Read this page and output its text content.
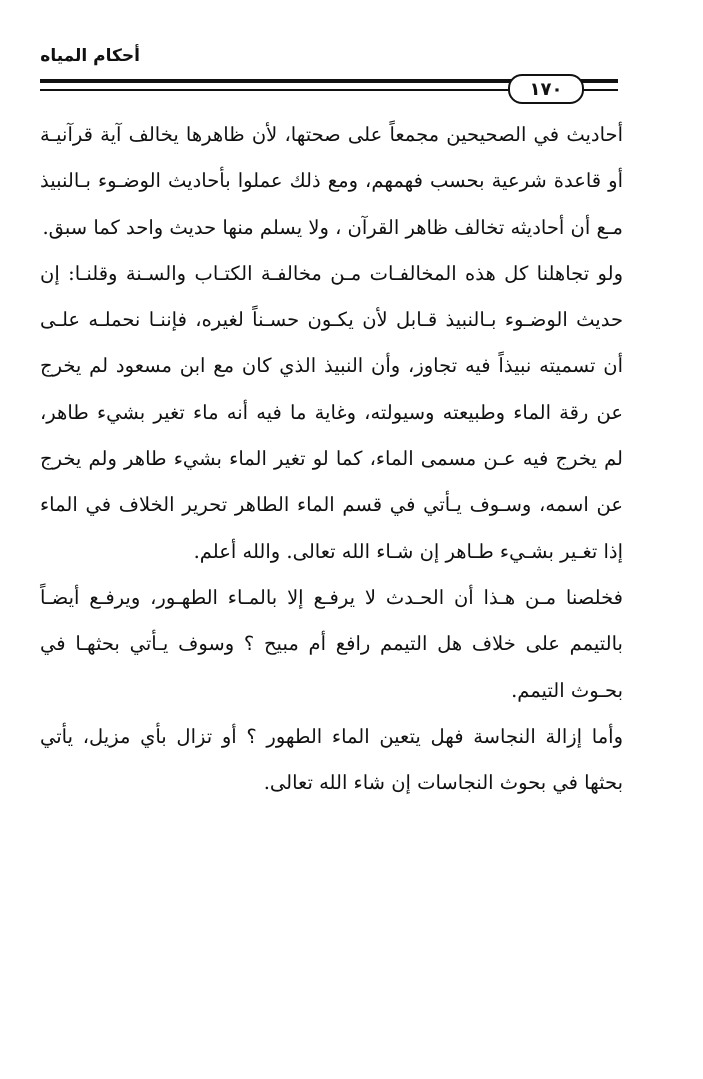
أحكام المياه
١٧٠

أحاديث في الصحيحين مجمعاً على صحتها، لأن ظاهرها يخالف آية قرآنيـة أو قاعدة شرعية بحسب فهمهم، ومع ذلك عملوا بأحاديث الوضـوء بـالنبيذ مـع أن أحاديثه تخالف ظاهر القرآن ، ولا يسلم منها حديث واحد كما سبق.

ولو تجاهلنا كل هذه المخالفـات مـن مخالفـة الكتـاب والسـنة وقلنـا: إن حديث الوضـوء بـالنبيذ قـابل لأن يكـون حسـناً لغيره، فإننـا نحملـه علـى أن تسميته نبيذاً فيه تجاوز، وأن النبيذ الذي كان مع ابن مسعود لم يخرج عن رقة الماء وطبيعته وسيولته، وغاية ما فيه أنه ماء تغير بشيء طاهر، لم يخرج فيه عـن مسمى الماء، كما لو تغير الماء بشيء طاهر ولم يخرج عن اسمه، وسـوف يـأتي في قسم الماء الطاهر تحرير الخلاف في الماء إذا تغـير بشـيء طـاهر إن شـاء الله تعالى. والله أعلم.

فخلصنا مـن هـذا أن الحـدث لا يرفـع إلا بالمـاء الطهـور، ويرفـع أيضـاً بالتيمم على خلاف هل التيمم رافع أم مبيح ؟ وسوف يـأتي بحثهـا في بحـوث التيمم.

وأما إزالة النجاسة فهل يتعين الماء الطهور ؟ أو تزال بأي مزيل، يأتي بحثها في بحوث النجاسات إن شاء الله تعالى.
